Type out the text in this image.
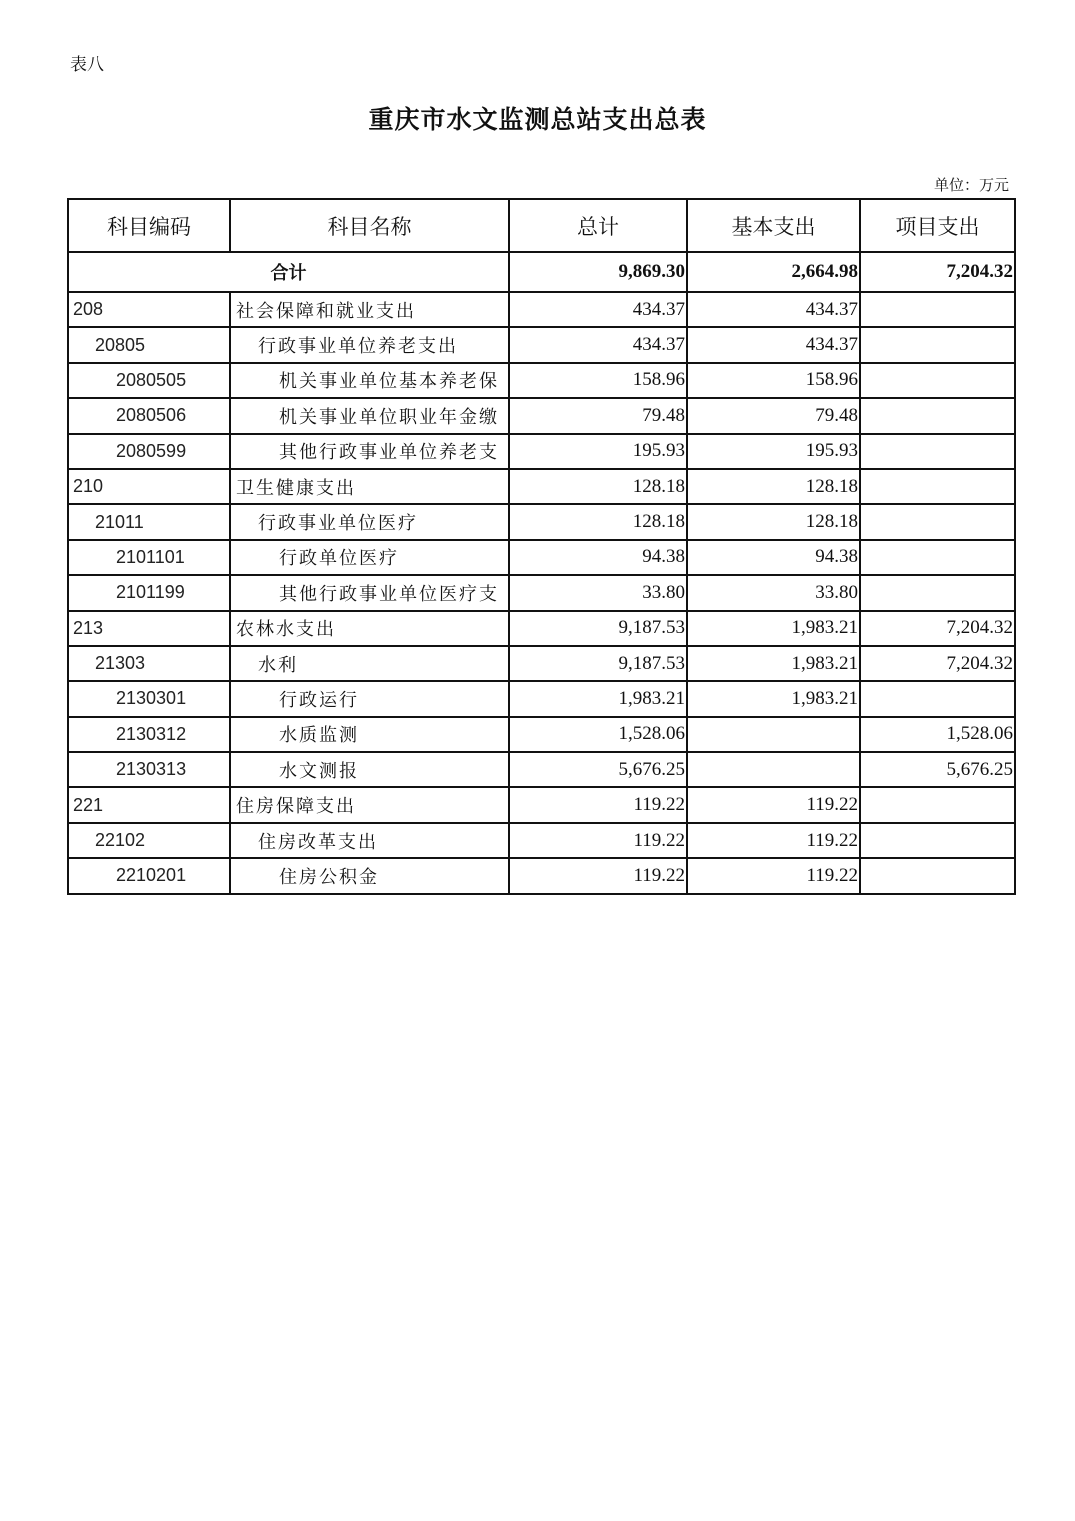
表八
重庆市水文监测总站支出总表
单位：万元
科目编码	科目名称	总计	基本支出	项目支出
合计		9,869.30	2,664.98	7,204.32
208	社会保障和就业支出	434.37	434.37	
20805	行政事业单位养老支出	434.37	434.37	
2080505	机关事业单位基本养老保	158.96	158.96	
2080506	机关事业单位职业年金缴	79.48	79.48	
2080599	其他行政事业单位养老支	195.93	195.93	
210	卫生健康支出	128.18	128.18	
21011	行政事业单位医疗	128.18	128.18	
2101101	行政单位医疗	94.38	94.38	
2101199	其他行政事业单位医疗支	33.80	33.80	
213	农林水支出	9,187.53	1,983.21	7,204.32
21303	水利	9,187.53	1,983.21	7,204.32
2130301	行政运行	1,983.21	1,983.21	
2130312	水质监测	1,528.06		1,528.06
2130313	水文测报	5,676.25		5,676.25
221	住房保障支出	119.22	119.22	
22102	住房改革支出	119.22	119.22	
2210201	住房公积金	119.22	119.22	
